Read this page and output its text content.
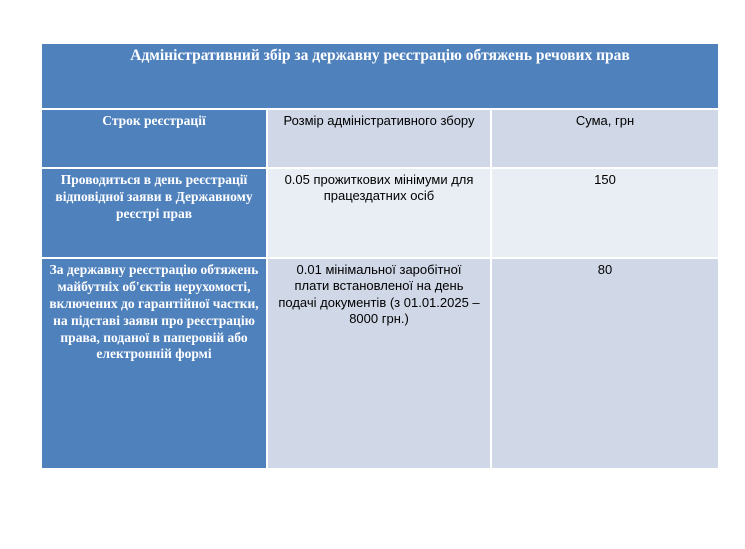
Адміністративний збір за державну реєстрацію обтяжень речових прав
Строк реєстрації	Розмір адміністративного збору	Сума, грн
Проводиться в день реєстрації відповідної заяви в Державному реєстрі прав
0.05 прожиткових мінімуми для працездатних осіб
150
За державну реєстрацію обтяжень майбутніх об'єктів нерухомості, включених до гарантійної частки, на підставі заяви про реєстрацію права, поданої в паперовій або електронній формі
0.01 мінімальної заробітної плати встановленої на день подачі документів (з 01.01.2025 – 8000 грн.)
80
